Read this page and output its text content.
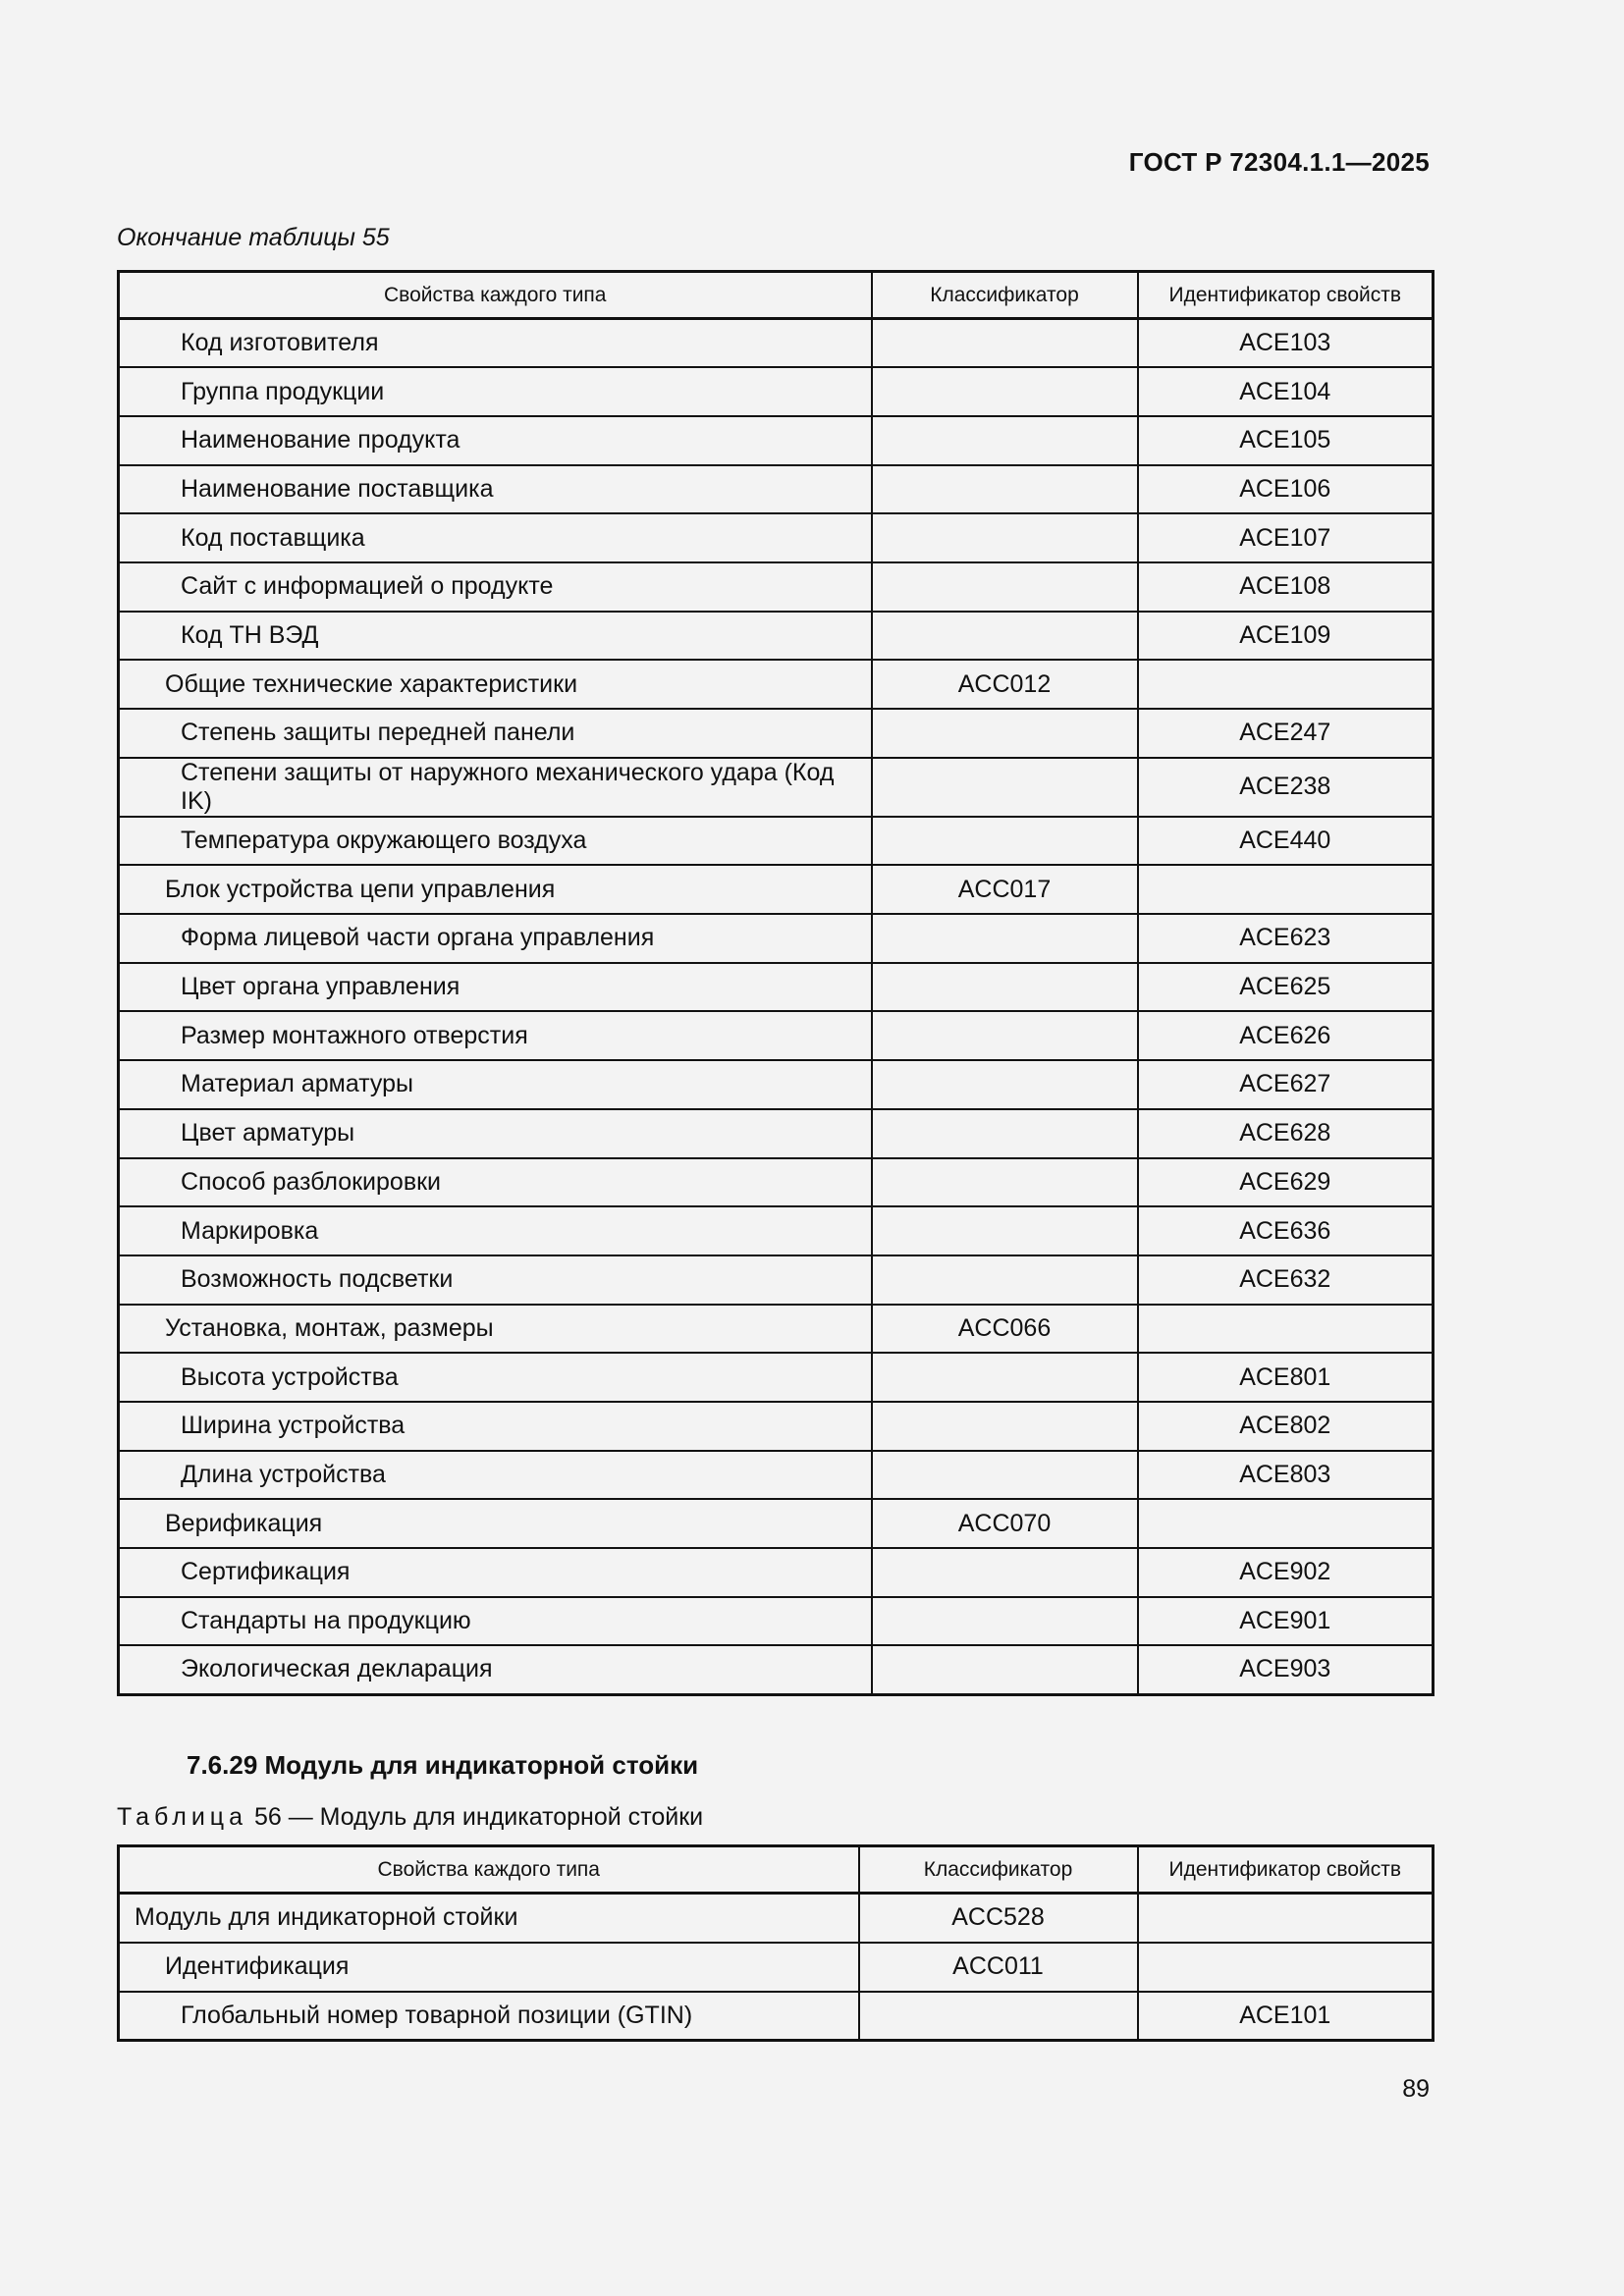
ГОСТ Р 72304.1.1—2025
Окончание таблицы 55
Свойства каждого типа	Классификатор	Идентификатор свойств
Код изготовителя		ACE103
Группа продукции		ACE104
Наименование продукта		ACE105
Наименование поставщика		ACE106
Код поставщика		ACE107
Сайт с информацией о продукте		ACE108
Код ТН ВЭД		ACE109
Общие технические характеристики	ACC012	
Степень защиты передней панели		ACE247
Степени защиты от наружного механического удара (Код IK)		ACE238
Температура окружающего воздуха		ACE440
Блок устройства цепи управления	ACC017	
Форма лицевой части органа управления		ACE623
Цвет органа управления		ACE625
Размер монтажного отверстия		ACE626
Материал арматуры		ACE627
Цвет арматуры		ACE628
Способ разблокировки		ACE629
Маркировка		ACE636
Возможность подсветки		ACE632
Установка, монтаж, размеры	ACC066	
Высота устройства		ACE801
Ширина устройства		ACE802
Длина устройства		ACE803
Верификация	ACC070	
Сертификация		ACE902
Стандарты на продукцию		ACE901
Экологическая декларация		ACE903
7.6.29 Модуль для индикаторной стойки
Таблица 56 — Модуль для индикаторной стойки
Свойства каждого типа	Классификатор	Идентификатор свойств
Модуль для индикаторной стойки	ACC528	
Идентификация	ACC011	
Глобальный номер товарной позиции (GTIN)		ACE101
89
